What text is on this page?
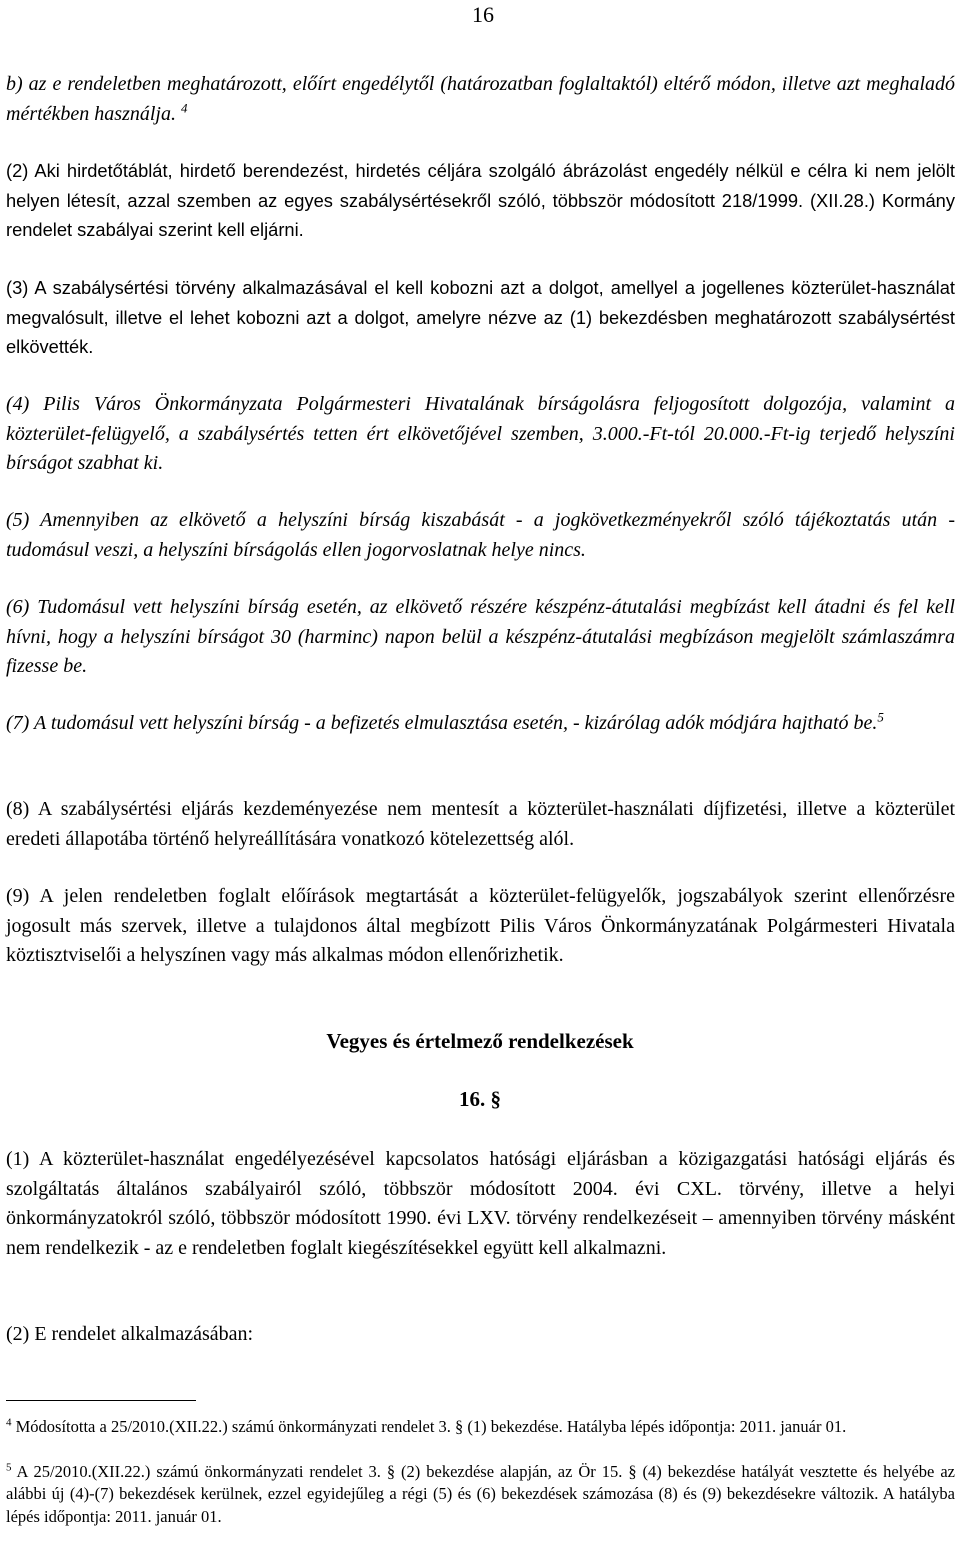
16

b) az e rendeletben meghatározott, előírt engedélytől (határozatban foglaltaktól) eltérő módon, illetve azt meghaladó mértékben használja. $^4$

(2) Aki hirdetőtáblát, hirdető berendezést, hirdetés céljára szolgáló ábrázolást engedély nélkül e célra ki nem jelölt helyen létesít, azzal szemben az egyes szabálysértésekről szóló, többször módosított 218/1999. (XII.28.) Kormány rendelet szabályai szerint kell eljárni.

(3) A szabálysértési törvény alkalmazásával el kell kobozni azt a dolgot, amellyel a jogellenes közterület-használat megvalósult, illetve el lehet kobozni azt a dolgot, amelyre nézve az (1) bekezdésben meghatározott szabálysértést elkövették.

(4) Pilis Város Önkormányzata Polgármesteri Hivatalának bírságolásra feljogosított dolgozója, valamint a közterület-felügyelő, a szabálysértés tetten ért elkövetőjével szemben, 3.000.-Ft-tól 20.000.-Ft-ig terjedő helyszíni bírságot szabhat ki.

(5) Amennyiben az elkövető a helyszíni bírság kiszabását - a jogkövetkezményekről szóló tájékoztatás után - tudomásul veszi, a helyszíni bírságolás ellen jogorvoslatnak helye nincs.

(6) Tudomásul vett helyszíni bírság esetén, az elkövető részére készpénz-átutalási megbízást kell átadni és fel kell hívni, hogy a helyszíni bírságot 30 (harminc) napon belül a készpénz-átutalási megbízáson megjelölt számlaszámra fizesse be.

(7) A tudomásul vett helyszíni bírság - a befizetés elmulasztása esetén, - kizárólag adók módjára hajtható be.$^5$

(8) A szabálysértési eljárás kezdeményezése nem mentesít a közterület-használati díjfizetési, illetve a közterület eredeti állapotába történő helyreállítására vonatkozó kötelezettség alól.

(9) A jelen rendeletben foglalt előírások megtartását a közterület-felügyelők, jogszabályok szerint ellenőrzésre jogosult más szervek, illetve a tulajdonos által megbízott Pilis Város Önkormányzatának Polgármesteri Hivatala köztisztviselői a helyszínen vagy más alkalmas módon ellenőrizhetik.

Vegyes és értelmező rendelkezések

16. §

(1) A közterület-használat engedélyezésével kapcsolatos hatósági eljárásban a közigazgatási hatósági eljárás és szolgáltatás általános szabályairól szóló, többször módosított 2004. évi CXL. törvény, illetve a helyi önkormányzatokról szóló, többször módosított 1990. évi LXV. törvény rendelkezéseit – amennyiben törvény másként nem rendelkezik - az e rendeletben foglalt kiegészítésekkel együtt kell alkalmazni.

(2) E rendelet alkalmazásában:

$^4$ Módosította a 25/2010.(XII.22.) számú önkormányzati rendelet 3. § (1) bekezdése. Hatályba lépés időpontja: 2011. január 01.

$^5$ A 25/2010.(XII.22.) számú önkormányzati rendelet 3. § (2) bekezdése alapján, az Ör 15. § (4) bekezdése hatályát vesztette és helyébe az alábbi új (4)-(7) bekezdések kerülnek, ezzel egyidejűleg a régi (5) és (6) bekezdések számozása (8) és (9) bekezdésekre változik. A hatályba lépés időpontja: 2011. január 01.
